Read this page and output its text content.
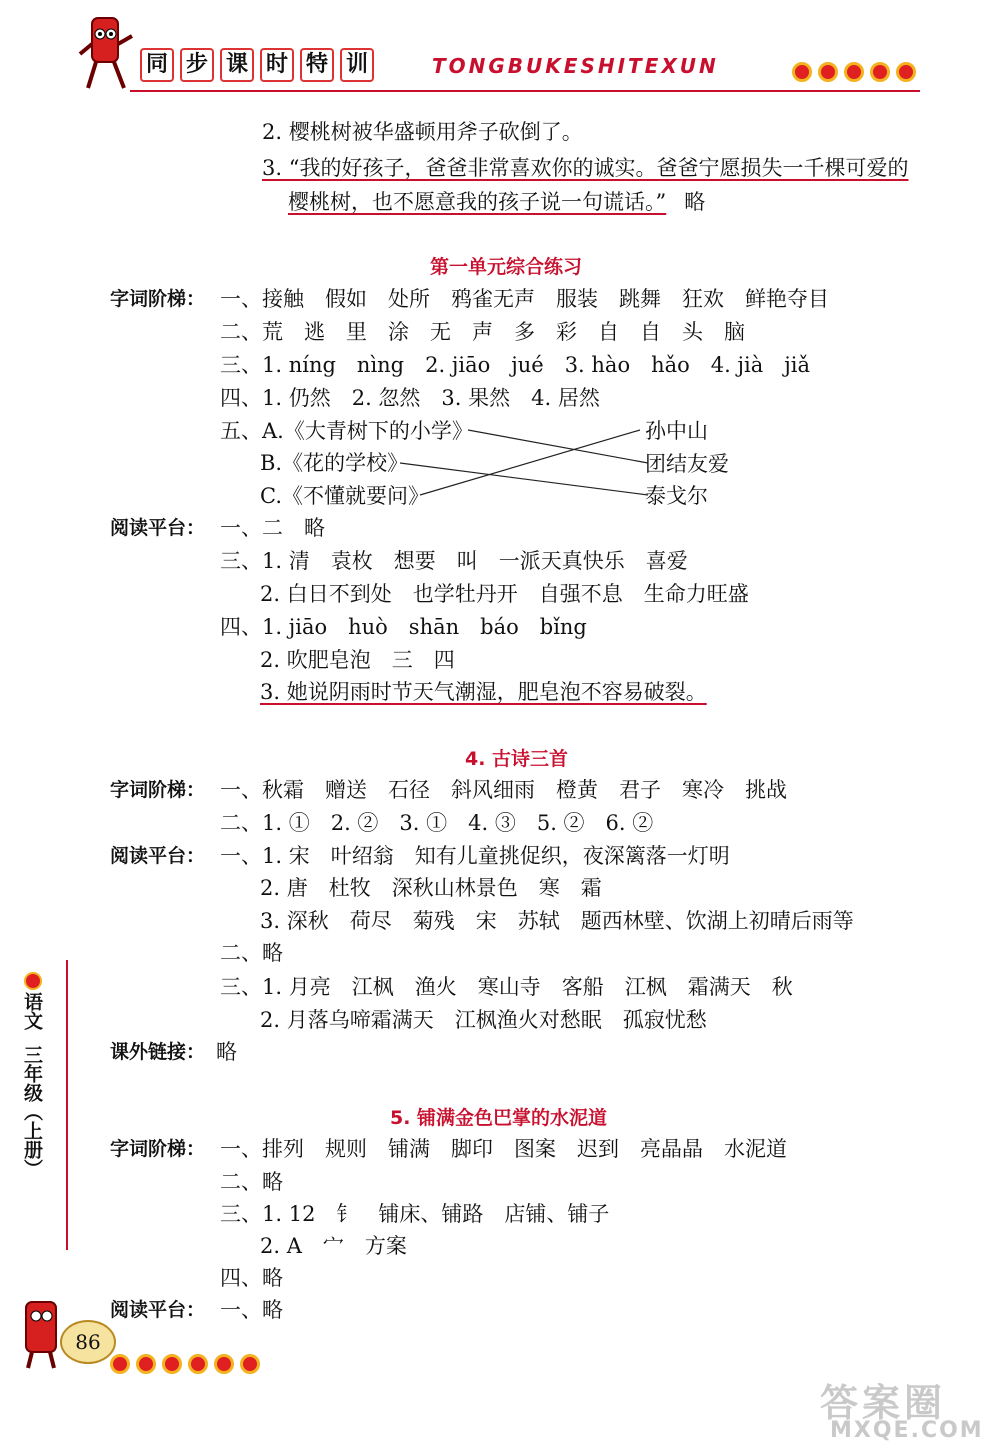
同 步 课 时 特 训	TONGBUKESHITEXUN
2. 樱桃树被华盛顿用斧子砍倒了。
3. “我的好孩子，爸爸非常喜欢你的诚实。爸爸宁愿损失一千棵可爱的
樱桃树，也不愿意我的孩子说一句谎话。” 略
第一单元综合练习
字词阶梯： 一、接触　假如　处所　鸦雀无声　服装　跳舞　狂欢　鲜艳夺目
二、荒　逃　里　涂　无　声　多　彩　自　自　头　脑
三、1. níng　nìng　2. jiāo　jué　3. hào　hǎo　4. jià　jiǎ
四、1. 仍然　2. 忽然　3. 果然　4. 居然
五、A.《大青树下的小学》
B.《花的学校》
C.《不懂就要问》
孙中山
团结友爱
泰戈尔
阅读平台： 一、二　略
三、1. 清　袁枚　想要　叫　一派天真快乐　喜爱
2. 白日不到处　也学牡丹开　自强不息　生命力旺盛
四、1. jiāo　huò　shān　báo　bǐng
2. 吹肥皂泡　三　四
3. 她说阴雨时节天气潮湿，肥皂泡不容易破裂。
4. 古诗三首
字词阶梯： 一、秋霜　赠送　石径　斜风细雨　橙黄　君子　寒冷　挑战
二、1. ①　2. ②　3. ①　4. ③　5. ②　6. ②
阅读平台： 一、1. 宋　叶绍翁　知有儿童挑促织，夜深篱落一灯明
2. 唐　杜牧　深秋山林景色　寒　霜
3. 深秋　荷尽　菊残　宋　苏轼　题西林壁、饮湖上初晴后雨等
二、略
三、1. 月亮　江枫　渔火　寒山寺　客船　江枫　霜满天　秋
2. 月落乌啼霜满天　江枫渔火对愁眠　孤寂忧愁
课外链接： 略
5. 铺满金色巴掌的水泥道
字词阶梯： 一、排列　规则　铺满　脚印　图案　迟到　亮晶晶　水泥道
二、略
三、1. 12　钅　铺床、铺路　店铺、铺子
2. A　宀　方案
四、略
阅读平台： 一、略
语文
三年级（上册）
86
答案圈
MXQE.COM
